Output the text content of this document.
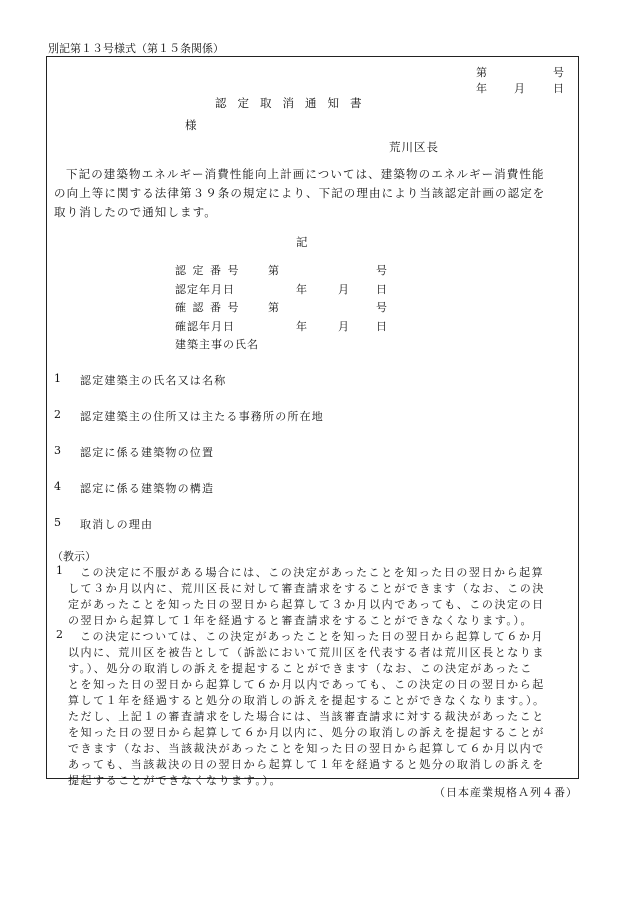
別記第１３号様式（第１５条関係）
第	号
年 月	日
認定取消通知書
様
荒川区長
下記の建築物エネルギー消費性能向上計画については、建築物のエネルギー消費性能
の向上等に関する法律第３９条の規定により、下記の理由により当該認定計画の認定を
取り消したので通知します。
記
認定番号 第	号
認定年月日	年	月 日
確認番号 第	号
確認年月日	年	月 日
建築主事の氏名
1 認定建築主の氏名又は名称
2 認定建築主の住所又は主たる事務所の所在地
3 認定に係る建築物の位置
4 認定に係る建築物の構造
5 取消しの理由
（教示）
1 この決定に不服がある場合には、この決定があったことを知った日の翌日から起算
して３か月以内に、荒川区長に対して審査請求をすることができます（なお、この決
定があったことを知った日の翌日から起算して３か月以内であっても、この決定の日
の翌日から起算して１年を経過すると審査請求をすることができなくなります。）。
2 この決定については、この決定があったことを知った日の翌日から起算して６か月
以内に、荒川区を被告として（訴訟において荒川区を代表する者は荒川区長となりま
す。）、処分の取消しの訴えを提起することができます（なお、この決定があったこ
とを知った日の翌日から起算して６か月以内であっても、この決定の日の翌日から起
算して１年を経過すると処分の取消しの訴えを提起することができなくなります。）。
ただし、上記１の審査請求をした場合には、当該審査請求に対する裁決があったこと
を知った日の翌日から起算して６か月以内に、処分の取消しの訴えを提起することが
できます（なお、当該裁決があったことを知った日の翌日から起算して６か月以内で
あっても、当該裁決の日の翌日から起算して１年を経過すると処分の取消しの訴えを
提起することができなくなります。）。
（日本産業規格Ａ列４番）
